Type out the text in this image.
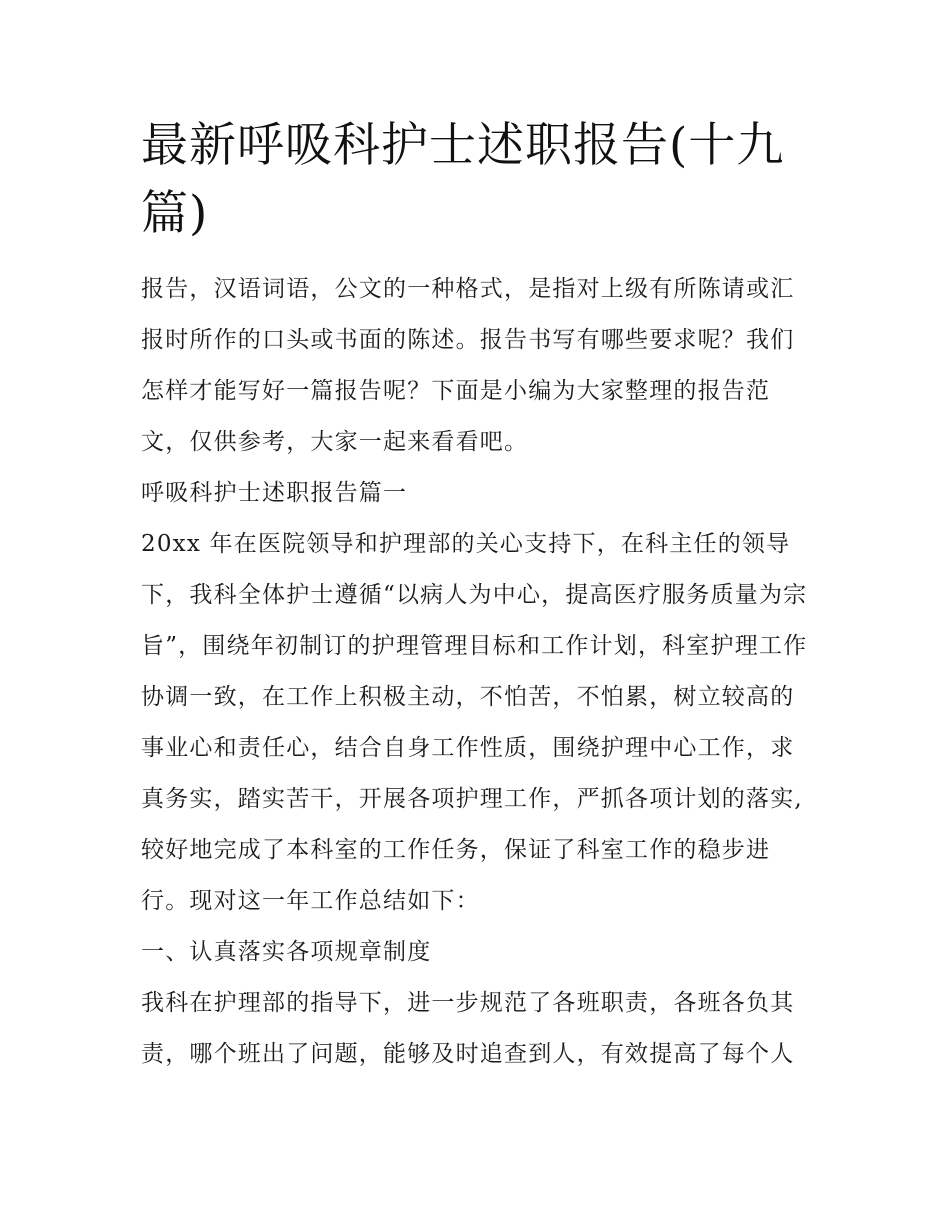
最新呼吸科护士述职报告(十九篇)

报告，汉语词语，公文的一种格式，是指对上级有所陈请或汇报时所作的口头或书面的陈述。报告书写有哪些要求呢？我们怎样才能写好一篇报告呢？下面是小编为大家整理的报告范文，仅供参考，大家一起来看看吧。

呼吸科护士述职报告篇一

20xx 年在医院领导和护理部的关心支持下，在科主任的领导下，我科全体护士遵循“以病人为中心，提高医疗服务质量为宗旨”，围绕年初制订的护理管理目标和工作计划，科室护理工作协调一致，在工作上积极主动，不怕苦，不怕累，树立较高的事业心和责任心，结合自身工作性质，围绕护理中心工作，求真务实，踏实苦干，开展各项护理工作，严抓各项计划的落实,较好地完成了本科室的工作任务，保证了科室工作的稳步进行。现对这一年工作总结如下：

一、认真落实各项规章制度

我科在护理部的指导下，进一步规范了各班职责，各班各负其责，哪个班出了问题，能够及时追查到人，有效提高了每个人
